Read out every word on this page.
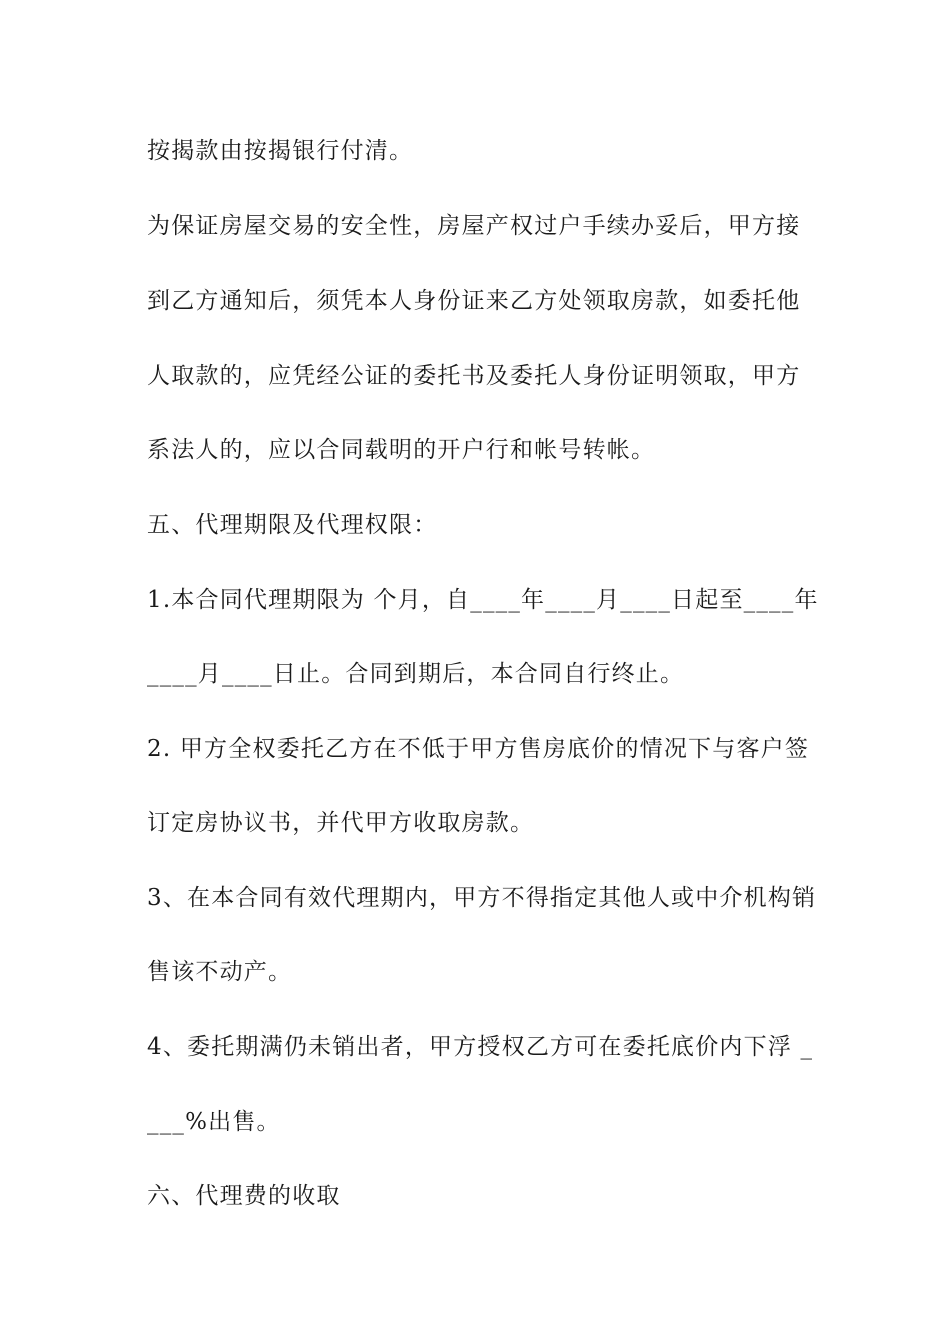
按揭款由按揭银行付清。
为保证房屋交易的安全性，房屋产权过户手续办妥后，甲方接
到乙方通知后，须凭本人身份证来乙方处领取房款，如委托他
人取款的，应凭经公证的委托书及委托人身份证明领取，甲方
系法人的，应以合同载明的开户行和帐号转帐。
五、代理期限及代理权限：
1.本合同代理期限为 个月，自____年____月____日起至____年
____月____日止。合同到期后，本合同自行终止。
2. 甲方全权委托乙方在不低于甲方售房底价的情况下与客户签
订定房协议书，并代甲方收取房款。
3、在本合同有效代理期内，甲方不得指定其他人或中介机构销
售该不动产。
4、委托期满仍未销出者，甲方授权乙方可在委托底价内下浮 _
___%出售。
六、代理费的收取
